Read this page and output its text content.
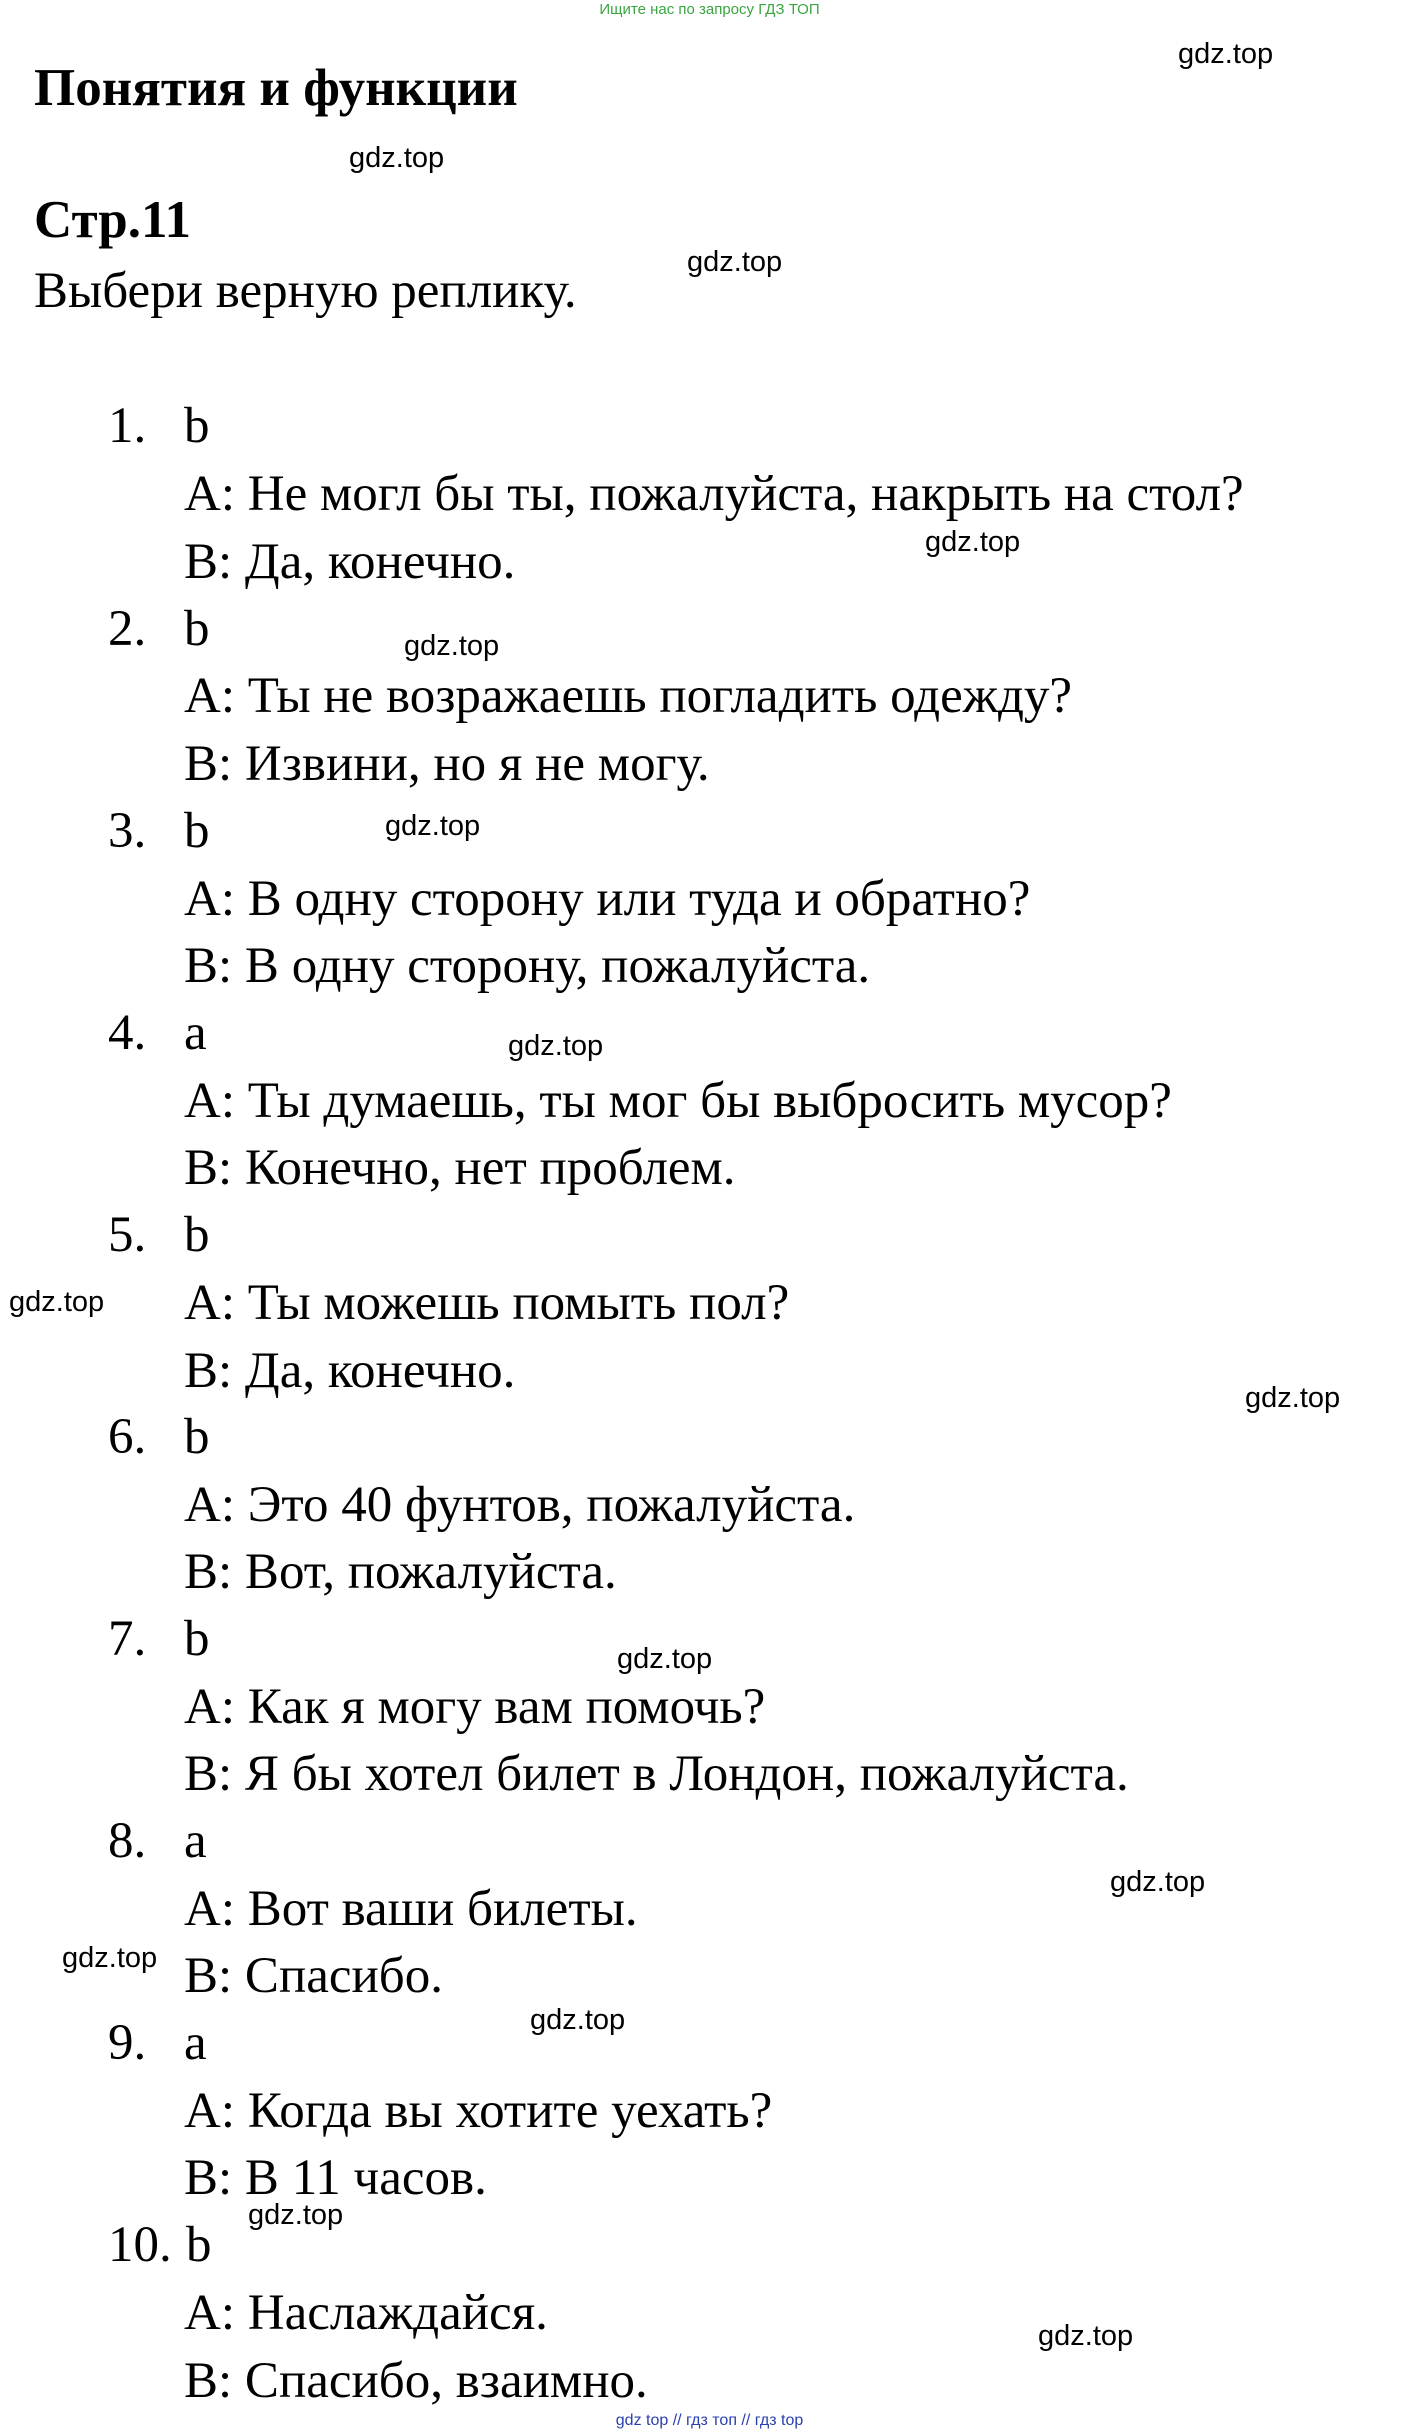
Ищите нас по запросу ГДЗ ТОП
Понятия и функции
Стр.11
Выбери верную реплику.
1. b
A: Не могл бы ты, пожалуйста, накрыть на стол?
B: Да, конечно.
2. b
A: Ты не возражаешь погладить одежду?
B: Извини, но я не могу.
3. b
A: В одну сторону или туда и обратно?
B: В одну сторону, пожалуйста.
4. a
A: Ты думаешь, ты мог бы выбросить мусор?
B: Конечно, нет проблем.
5. b
A: Ты можешь помыть пол?
B: Да, конечно.
6. b
A: Это 40 фунтов, пожалуйста.
B: Вот, пожалуйста.
7. b
A: Как я могу вам помочь?
B: Я бы хотел билет в Лондон, пожалуйста.
8. a
A: Вот ваши билеты.
B: Спасибо.
9. a
A: Когда вы хотите уехать?
B: В 11 часов.
10. b
A: Наслаждайся.
B: Спасибо, взаимно.
gdz.top
gdz.top
gdz.top
gdz.top
gdz.top
gdz.top
gdz.top
gdz.top
gdz.top
gdz.top
gdz.top
gdz.top
gdz.top
gdz.top
gdz.top
gdz top // гдз топ // гдз top
